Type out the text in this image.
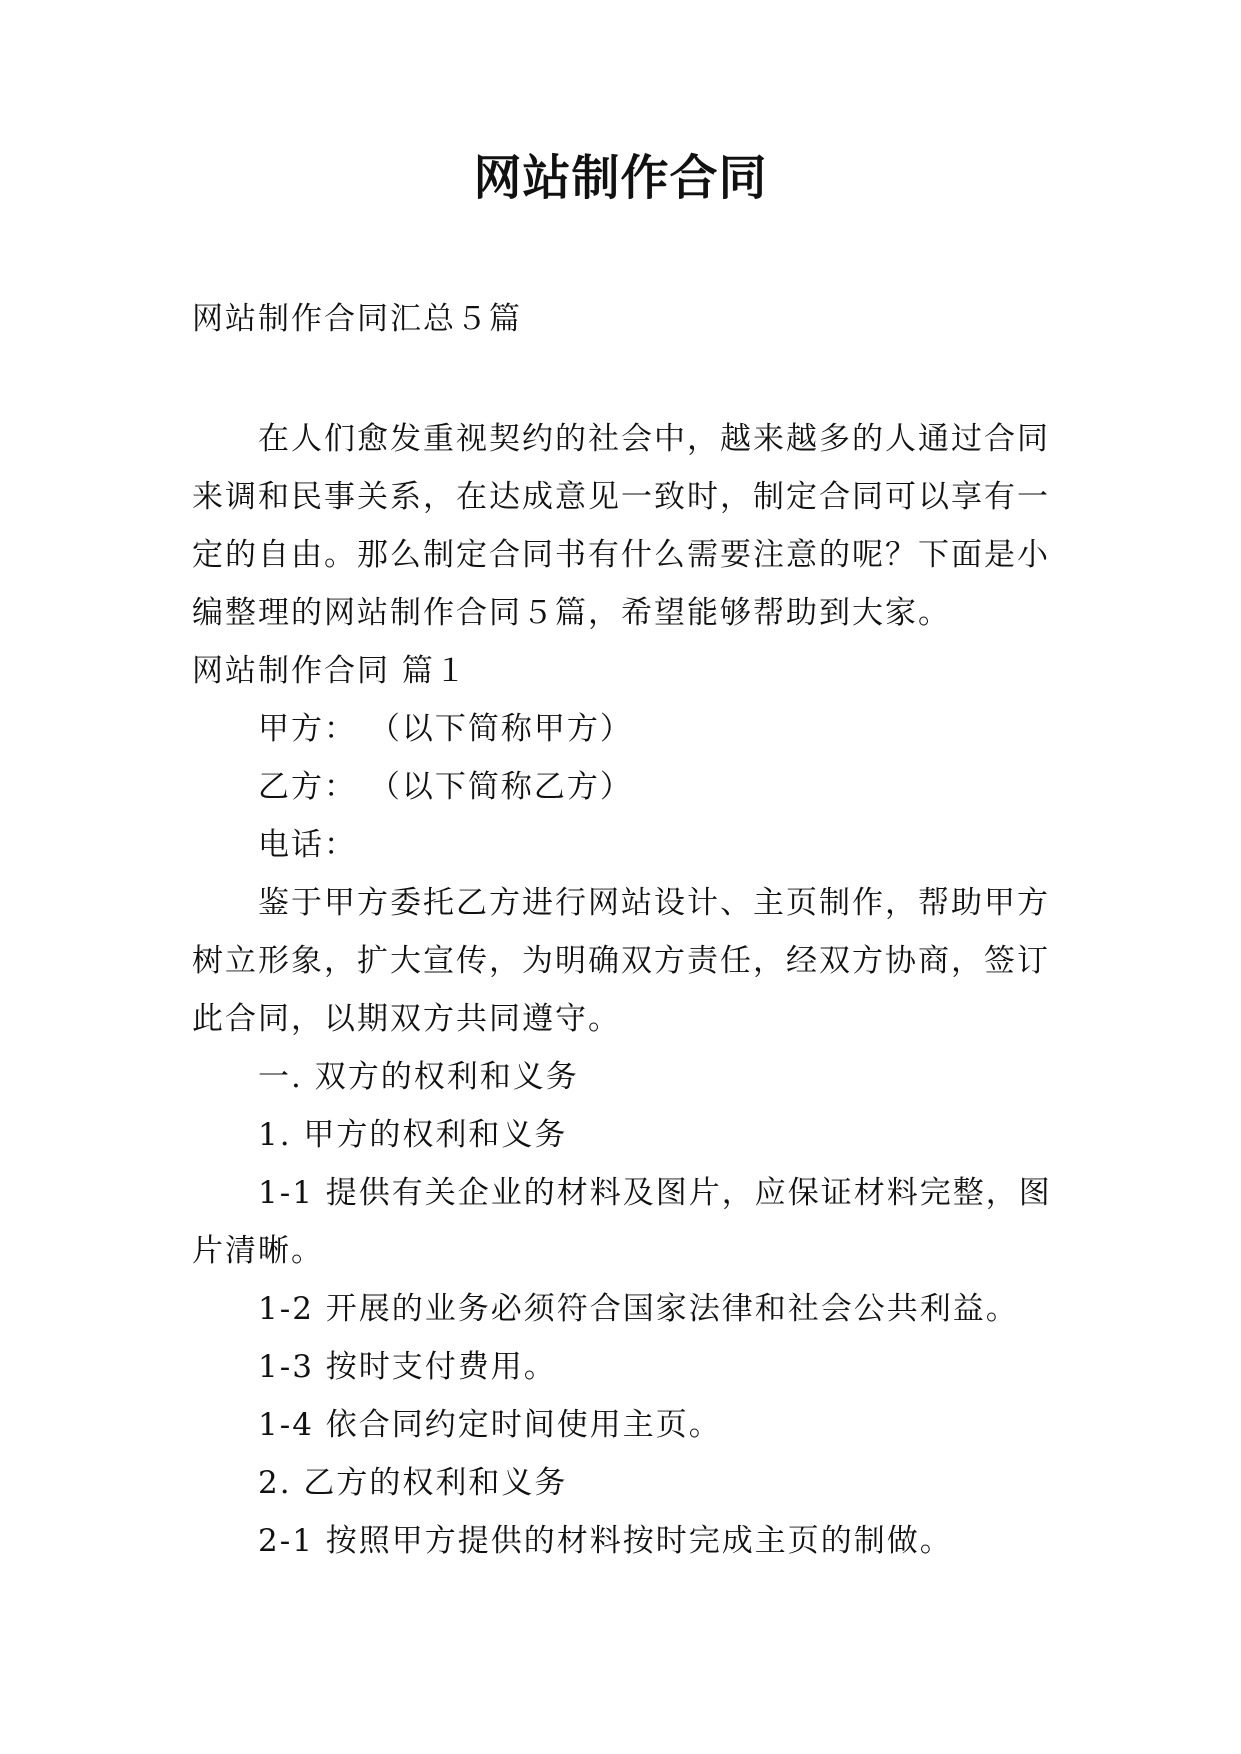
网站制作合同

网站制作合同汇总５篇

在人们愈发重视契约的社会中，越来越多的人通过合同

来调和民事关系，在达成意见一致时，制定合同可以享有一

定的自由。那么制定合同书有什么需要注意的呢？下面是小

编整理的网站制作合同５篇，希望能够帮助到大家。

网站制作合同 篇１

甲方： （以下简称甲方）

乙方： （以下简称乙方）

电话：

鉴于甲方委托乙方进行网站设计、主页制作，帮助甲方

树立形象，扩大宣传，为明确双方责任，经双方协商，签订

此合同，以期双方共同遵守。

一. 双方的权利和义务

1. 甲方的权利和义务

1-1 提供有关企业的材料及图片，应保证材料完整，图

片清晰。

1-2 开展的业务必须符合国家法律和社会公共利益。

1-3 按时支付费用。

1-4 依合同约定时间使用主页。

2. 乙方的权利和义务

2-1 按照甲方提供的材料按时完成主页的制做。
